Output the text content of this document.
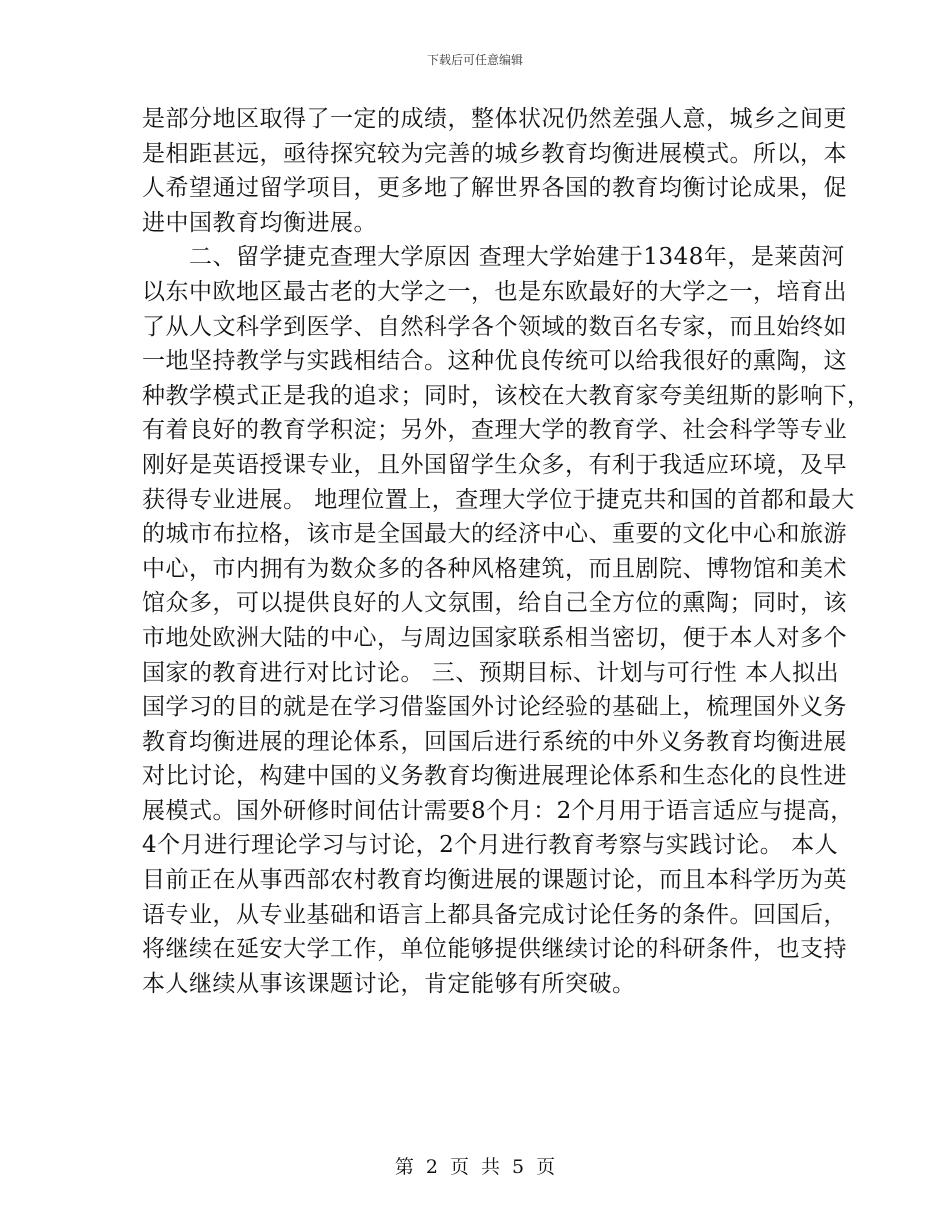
下载后可任意编辑
是部分地区取得了一定的成绩，整体状况仍然差强人意，城乡之间更
是相距甚远，亟待探究较为完善的城乡教育均衡进展模式。所以，本
人希望通过留学项目，更多地了解世界各国的教育均衡讨论成果，促
进中国教育均衡进展。
　　二、留学捷克查理大学原因 查理大学始建于1348年，是莱茵河
以东中欧地区最古老的大学之一，也是东欧最好的大学之一，培育出
了从人文科学到医学、自然科学各个领域的数百名专家，而且始终如
一地坚持教学与实践相结合。这种优良传统可以给我很好的熏陶，这
种教学模式正是我的追求；同时，该校在大教育家夸美纽斯的影响下，
有着良好的教育学积淀；另外，查理大学的教育学、社会科学等专业
刚好是英语授课专业，且外国留学生众多，有利于我适应环境，及早
获得专业进展。 地理位置上，查理大学位于捷克共和国的首都和最大
的城市布拉格，该市是全国最大的经济中心、重要的文化中心和旅游
中心，市内拥有为数众多的各种风格建筑，而且剧院、博物馆和美术
馆众多，可以提供良好的人文氛围，给自己全方位的熏陶；同时，该
市地处欧洲大陆的中心，与周边国家联系相当密切，便于本人对多个
国家的教育进行对比讨论。 三、预期目标、计划与可行性 本人拟出
国学习的目的就是在学习借鉴国外讨论经验的基础上，梳理国外义务
教育均衡进展的理论体系，回国后进行系统的中外义务教育均衡进展
对比讨论，构建中国的义务教育均衡进展理论体系和生态化的良性进
展模式。国外研修时间估计需要8个月：2个月用于语言适应与提高，
4个月进行理论学习与讨论，2个月进行教育考察与实践讨论。 本人
目前正在从事西部农村教育均衡进展的课题讨论，而且本科学历为英
语专业，从专业基础和语言上都具备完成讨论任务的条件。回国后，
将继续在延安大学工作，单位能够提供继续讨论的科研条件，也支持
本人继续从事该课题讨论，肯定能够有所突破。
第 2 页 共 5 页
